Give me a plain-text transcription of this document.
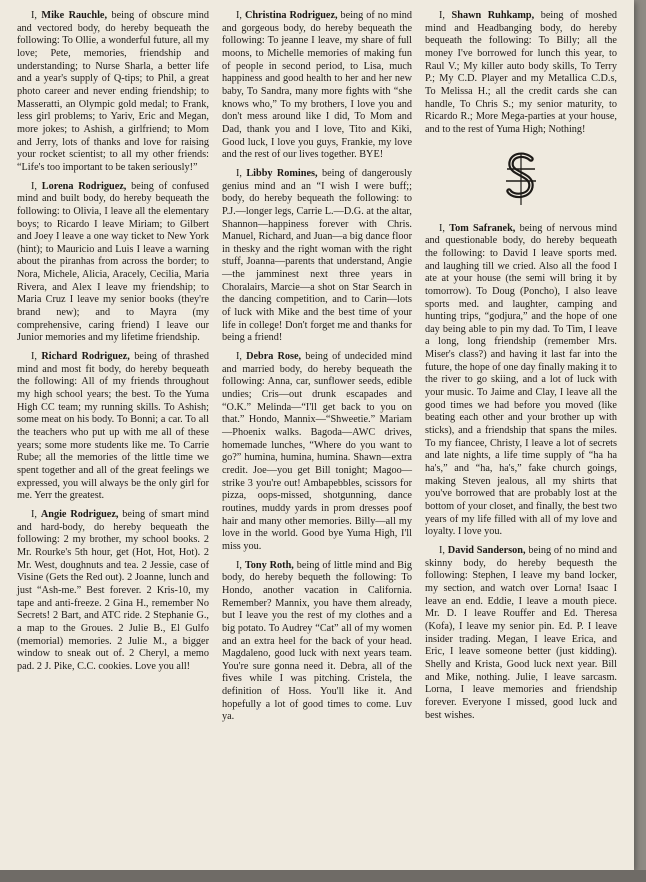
I, Mike Rauchle, being of obscure mind and vectored body, do hereby bequeath the following: To Ollie, a wonderful future, all my love; Pete, memories, friendship and understanding; to Nurse Sharla, a better life and a year's supply of Q-tips; to Phil, a great photo career and never ending friendship; to Masseratti, an Olympic gold medal; to Frank, less girl problems; to Yariv, Eric and Megan, more jokes; to Ashish, a girlfriend; to Mom and Jerry, lots of thanks and love for raising your rocket scientist; to all my other friends: “Life's too important to be taken seriously!”

I, Lorena Rodriguez, being of confused mind and built body, do hereby bequeath the following: to Olivia, I leave all the elementary boys; to Ricardo I leave Miriam; to Gilbert and Joey I leave a one way ticket to New York (hint); to Mauricio and Luis I leave a warning about the piranhas from across the border; to Nora, Michele, Alicia, Aracely, Cecilia, Maria Rivera, and Alex I leave my friendship; to Maria Cruz I leave my senior books (they're brand new); and to Mayra (my comprehensive, caring friend) I leave our Junior memories and my lifetime friendship.

I, Richard Rodriguez, being of thrashed mind and most fit body, do hereby bequeath the following: All of my friends throughout my high school years; the best. To the Yuma High CC team; my running skills. To Ashish; some meat on his body. To Bonni; a car. To all the teachers who put up with me all of these years; some more students like me. To Carrie Rube; all the memories of the little time we spent together and all of the great feelings we expressed, you will always be the only girl for me. Yerr the greatest.

I, Angie Rodriguez, being of smart mind and hard-body, do hereby bequeath the following: 2 my brother, my school books. 2 Mr. Rourke's 5th hour, get (Hot, Hot, Hot). 2 Mr. West, doughnuts and tea. 2 Jessie, case of Visine (Gets the Red out). 2 Joanne, lunch and just “Ash-me.” Best forever. 2 Kris-10, my tape and anti-freeze. 2 Gina H., remember No Secrets! 2 Bart, and ATC ride. 2 Stephanie G., a map to the Groues. 2 Julie B., El Gulfo (memorial) memories. 2 Julie M., a bigger window to sneak out of. 2 Cheryl, a memo pad. 2 J. Pike, C.C. cookies. Love you all!

I, Christina Rodriguez, being of no mind and gorgeous body, do hereby bequeath the following: To jeanne I leave, my share of full moons, to Michelle memories of making fun of people in second period, to Lisa, much happiness and good health to her and her new baby, To Sandra, many more fights with “she knows who,” To my brothers, I love you and don't mess around like I did, To Mom and Dad, thank you and I love, Tito and Kiki, Good luck, I love you guys, Frankie, my love and the rest of our lives together. BYE!

I, Libby Romines, being of dangerously genius mind and an “I wish I were buff;; body, do hereby bequeath the following: to P.J.—longer legs, Carrie L.—D.G. at the altar, Shannon—happiness forever with Chris. Manuel, Richard, and Juan—a big dance floor in thesky and the right woman with the right stuff, Joanna—parents that understand, Angie—the jamminest next three years in Choralairs, Marcie—a shot on Star Search in the dancing competition, and to Carin—lots of luck with Mike and the best time of your life in college! Don't forget me and thanks for being a friend!

I, Debra Rose, being of undecided mind and married body, do hereby bequeath the following: Anna, car, sunflower seeds, edible undies; Cris—out drunk escapades and “O.K.” Melinda—“I'll get back to you on that.” Hondo, Mannix—“Shweetie.” Mariam—Phoenix walks. Bagoda—AWC drives, homemade lunches, “Where do you want to go?” humina, humina, humina. Shawn—extra credit. Joe—you get Bill tonight; Magoo—strike 3 you're out! Ambapebbles, scissors for pizza, oops-missed, shotgunning, dance routines, muddy yards in prom dresses poof hair and many other memories. Billy—all my love in the world. Good bye Yuma High, I'll miss you.

I, Tony Roth, being of little mind and Big body, do hereby bequeth the following: To Hondo, another vacation in California. Remember? Mannix, you have them already, but I leave you the rest of my clothes and a big potato. To Audrey “Cat” all of my women and an extra heel for the back of your head. Magdaleno, good luck with next years team. You're sure gonna need it. Debra, all of the fives while I was pitching. Cristela, the definition of Hoss. You'll like it. And hopefully a lot of good times to come. Luv ya.

I, Shawn Ruhkamp, being of moshed mind and Headbanging body, do hereby bequeath the following: To Billy; all the money I've borrowed for lunch this year, to Raul V.; My killer auto body skills, To Terry P.; My C.D. Player and my Metallica C.D.s, To Melissa H.; all the credit cards she can handle, To Chris S.; my senior maturity, to Ricardo R.; More Mega-parties at your house, and to the rest of Yuma High; Nothing!

I, Tom Safranek, being of nervous mind and questionable body, do hereby bequeath the following: to David I leave sports med. and laughing till we cried. Also all the food I ate at your house (the semi will bring it by tomorrow). To Doug (Poncho), I also leave sports med. and laughter, camping and hunting trips, “godjura,” and the hope of one day being able to pin my dad. To Tim, I leave a long, long friendship (remember Mrs. Miser's class?) and having it last far into the future, the hope of one day finally making it to the river to go skiing, and a lot of luck with your music. To Jaime and Clay, I leave all the good times we had before you moved (like beating each other and your brother up with sticks), and a friendship that spans the miles. To my fiancee, Christy, I leave a lot of secrets and late nights, a life time supply of “ha ha ha's,” and “ha, ha's,” fake church goings, making Steven jealous, all my shirts that you've borrowed that are probably lost at the bottom of your closet, and finally, the best two years of my life filled with all of my love and loyalty. I love you.

I, David Sanderson, being of no mind and skinny body, do hereby bequesth the following: Stephen, I leave my band locker, my section, and watch over Lorna! Isaac I leave an end. Eddie, I leave a mouth piece. Mr. D. I leave Rouffer and Ed. Theresa (Kofa), I leave my senior pin. Ed. P. I leave insider trading. Megan, I leave Erica, and Eric, I leave someone better (just kidding). Shelly and Krista, Good luck next year. Bill and Mike, nothing. Julie, I leave sarcasm. Lorna, I leave memories and friendship forever. Everyone I missed, good luck and best wishes.
